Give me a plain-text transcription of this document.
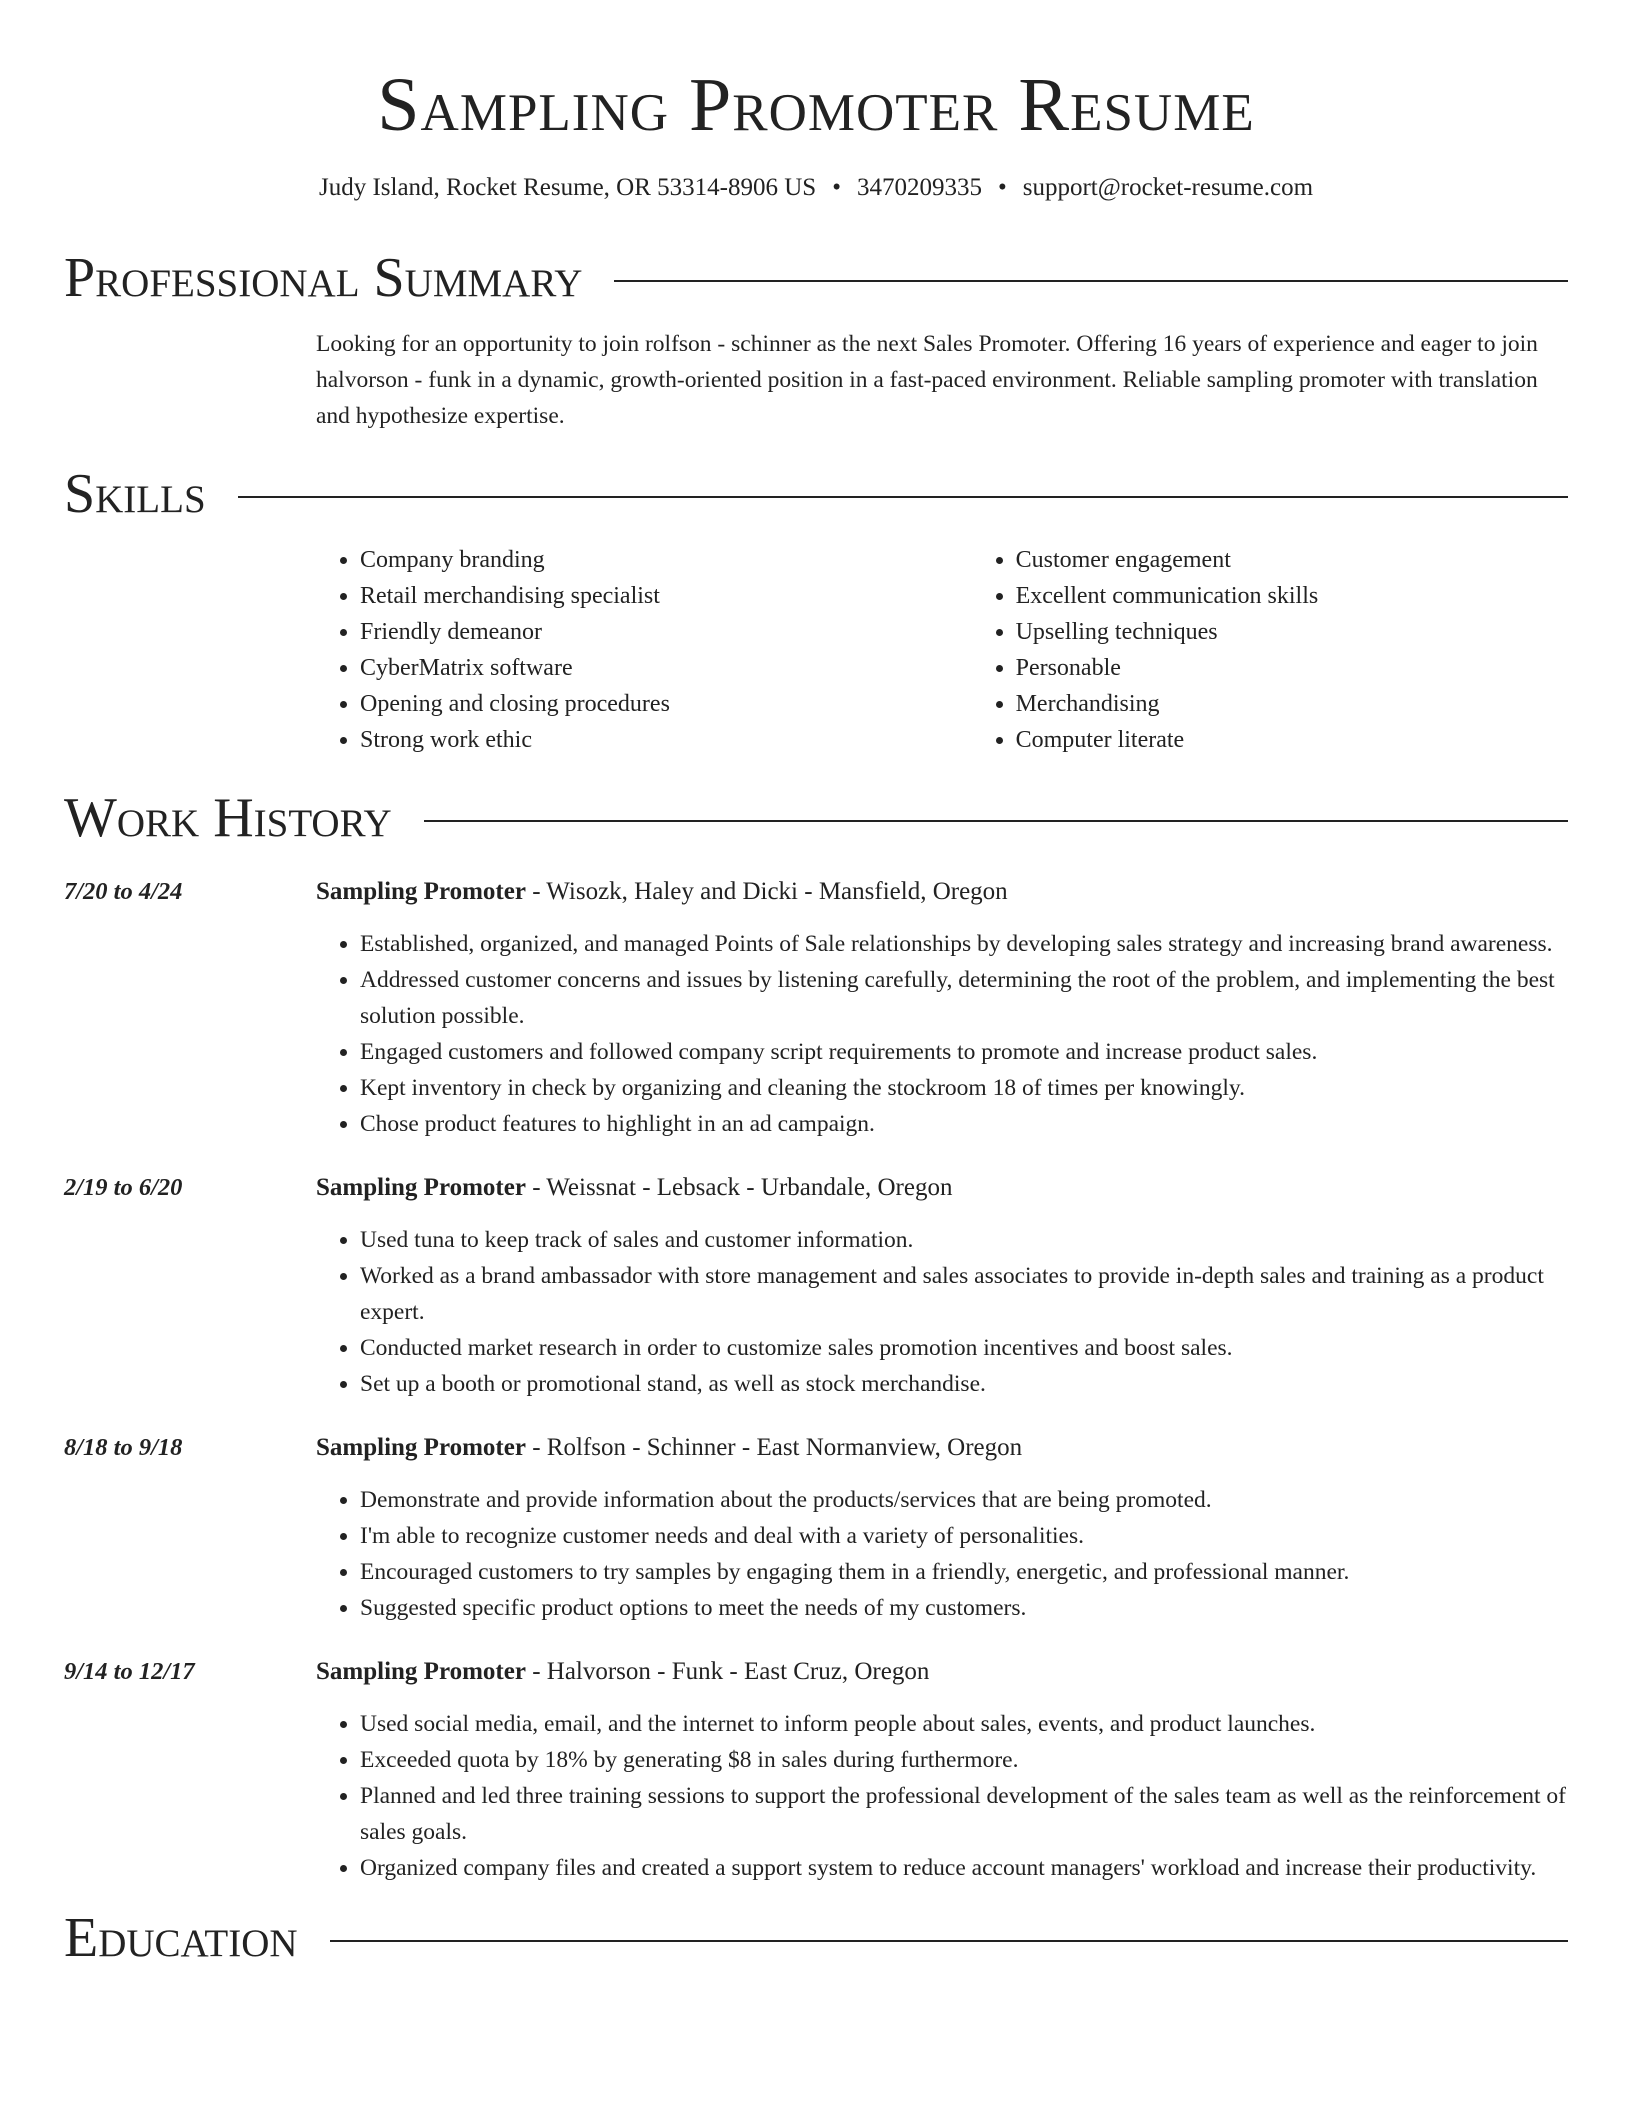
Sampling Promoter Resume
Judy Island, Rocket Resume, OR 53314-8906 US • 3470209335 • support@rocket-resume.com
Professional Summary
Looking for an opportunity to join rolfson - schinner as the next Sales Promoter. Offering 16 years of experience and eager to join halvorson - funk in a dynamic, growth-oriented position in a fast-paced environment. Reliable sampling promoter with translation and hypothesize expertise.
Skills
• Company branding
• Retail merchandising specialist
• Friendly demeanor
• CyberMatrix software
• Opening and closing procedures
• Strong work ethic
• Customer engagement
• Excellent communication skills
• Upselling techniques
• Personable
• Merchandising
• Computer literate
Work History
7/20 to 4/24	Sampling Promoter - Wisozk, Haley and Dicki - Mansfield, Oregon
• Established, organized, and managed Points of Sale relationships by developing sales strategy and increasing brand awareness.
• Addressed customer concerns and issues by listening carefully, determining the root of the problem, and implementing the best solution possible.
• Engaged customers and followed company script requirements to promote and increase product sales.
• Kept inventory in check by organizing and cleaning the stockroom 18 of times per knowingly.
• Chose product features to highlight in an ad campaign.
2/19 to 6/20	Sampling Promoter - Weissnat - Lebsack - Urbandale, Oregon
• Used tuna to keep track of sales and customer information.
• Worked as a brand ambassador with store management and sales associates to provide in-depth sales and training as a product expert.
• Conducted market research in order to customize sales promotion incentives and boost sales.
• Set up a booth or promotional stand, as well as stock merchandise.
8/18 to 9/18	Sampling Promoter - Rolfson - Schinner - East Normanview, Oregon
• Demonstrate and provide information about the products/services that are being promoted.
• I'm able to recognize customer needs and deal with a variety of personalities.
• Encouraged customers to try samples by engaging them in a friendly, energetic, and professional manner.
• Suggested specific product options to meet the needs of my customers.
9/14 to 12/17	Sampling Promoter - Halvorson - Funk - East Cruz, Oregon
• Used social media, email, and the internet to inform people about sales, events, and product launches.
• Exceeded quota by 18% by generating $8 in sales during furthermore.
• Planned and led three training sessions to support the professional development of the sales team as well as the reinforcement of sales goals.
• Organized company files and created a support system to reduce account managers' workload and increase their productivity.
Education
